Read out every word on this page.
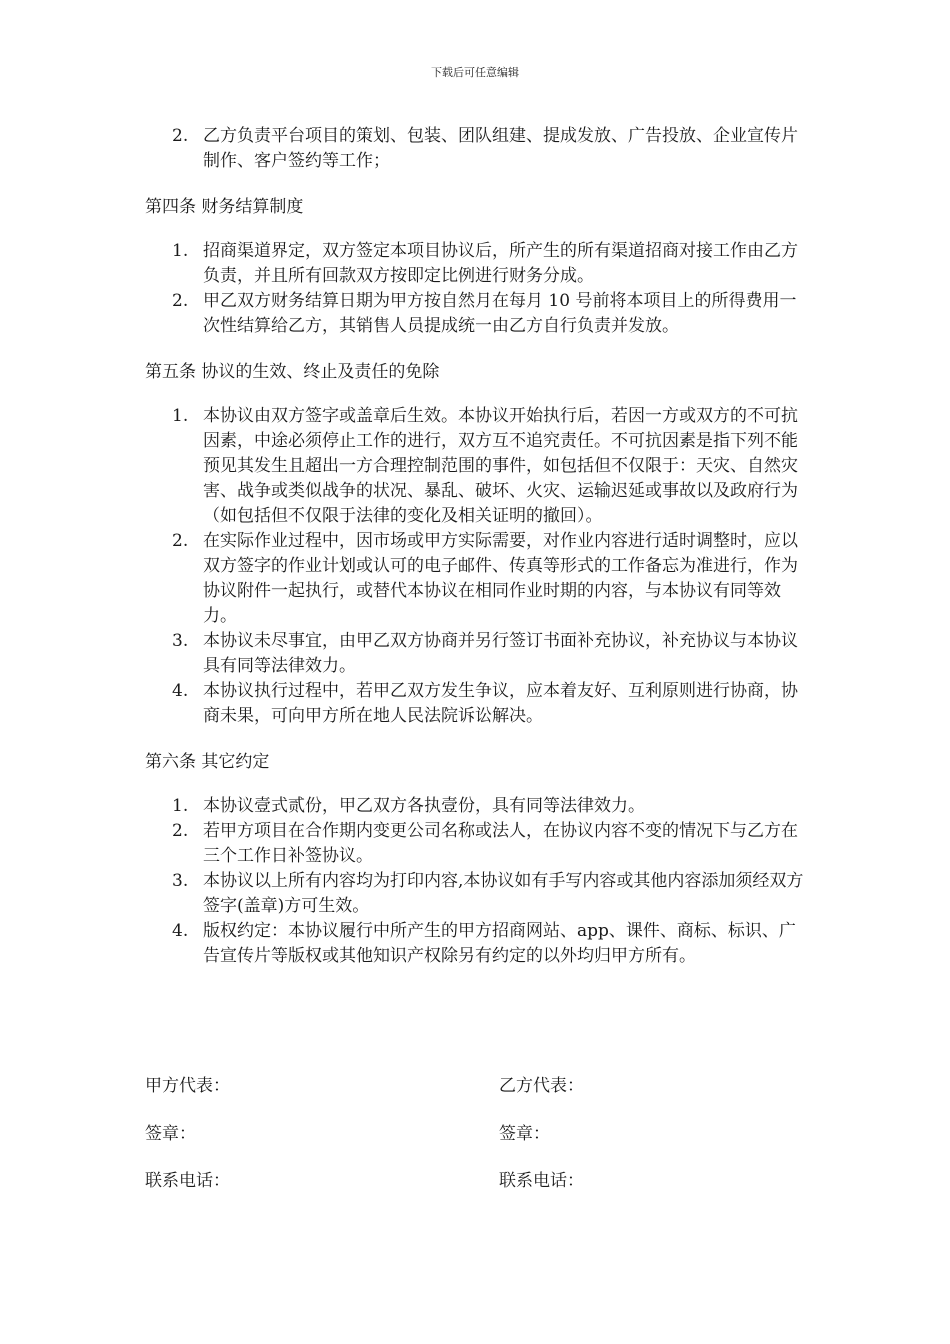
下载后可任意编辑
2. 乙方负责平台项目的策划、包装、团队组建、提成发放、广告投放、企业宣传片制作、客户签约等工作；
第四条 财务结算制度
1. 招商渠道界定，双方签定本项目协议后，所产生的所有渠道招商对接工作由乙方负责，并且所有回款双方按即定比例进行财务分成。
2. 甲乙双方财务结算日期为甲方按自然月在每月 10 号前将本项目上的所得费用一次性结算给乙方，其销售人员提成统一由乙方自行负责并发放。
第五条 协议的生效、终止及责任的免除
1. 本协议由双方签字或盖章后生效。本协议开始执行后，若因一方或双方的不可抗因素，中途必须停止工作的进行，双方互不追究责任。不可抗因素是指下列不能预见其发生且超出一方合理控制范围的事件，如包括但不仅限于：天灾、自然灾害、战争或类似战争的状况、暴乱、破坏、火灾、运输迟延或事故以及政府行为（如包括但不仅限于法律的变化及相关证明的撤回）。
2. 在实际作业过程中，因市场或甲方实际需要，对作业内容进行适时调整时，应以双方签字的作业计划或认可的电子邮件、传真等形式的工作备忘为准进行，作为协议附件一起执行，或替代本协议在相同作业时期的内容，与本协议有同等效力。
3. 本协议未尽事宜，由甲乙双方协商并另行签订书面补充协议，补充协议与本协议具有同等法律效力。
4. 本协议执行过程中，若甲乙双方发生争议，应本着友好、互利原则进行协商，协商未果，可向甲方所在地人民法院诉讼解决。
第六条 其它约定
1. 本协议壹式贰份，甲乙双方各执壹份，具有同等法律效力。
2. 若甲方项目在合作期内变更公司名称或法人，在协议内容不变的情况下与乙方在三个工作日补签协议。
3. 本协议以上所有内容均为打印内容,本协议如有手写内容或其他内容添加须经双方签字(盖章)方可生效。
4. 版权约定：本协议履行中所产生的甲方招商网站、app、课件、商标、标识、广告宣传片等版权或其他知识产权除另有约定的以外均归甲方所有。
甲方代表：	乙方代表：
签章：	签章：
联系电话：	联系电话：
